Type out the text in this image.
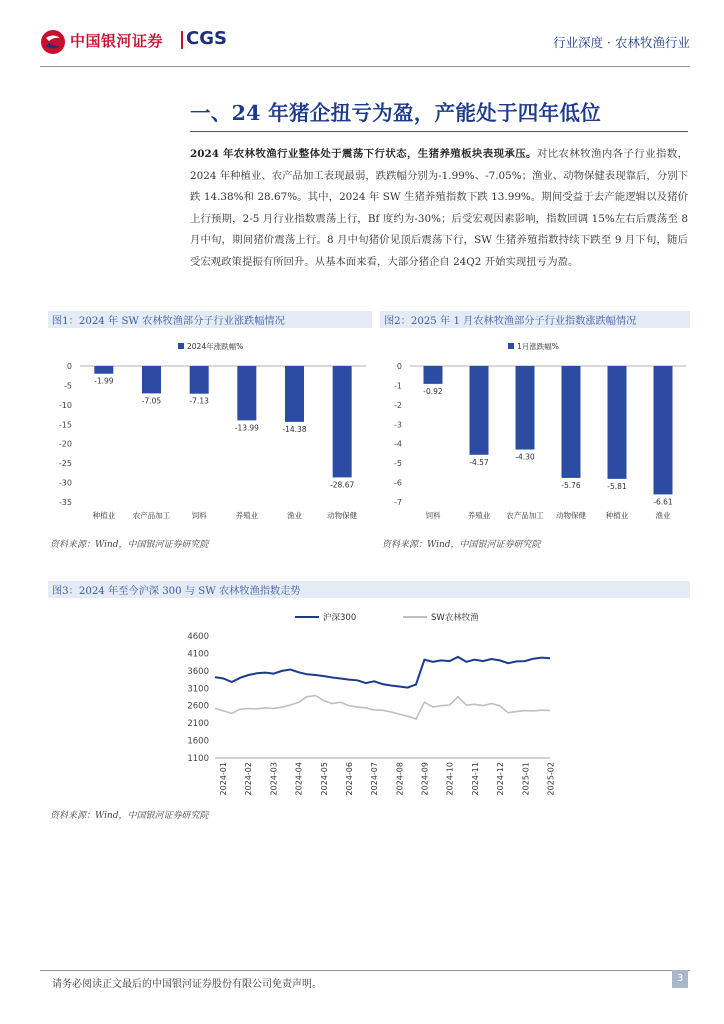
中国银河证券 CGS	行业深度 · 农林牧渔行业
一、24 年猪企扭亏为盈，产能处于四年低位
2024 年农林牧渔行业整体处于震荡下行状态，生猪养殖板块表现承压。对比农林牧渔内各子行业指数，2024 年种植业、农产品加工表现最弱，跌跌幅分别为-1.99%、-7.05%；渔业、动物保健表现靠后，分别下跌 14.38%和 28.67%。其中，2024 年 SW 生猪养殖指数下跌 13.99%。期间受益于去产能逻辑以及猪价上行预期，2-5 月行业指数震荡上行，Bf 度约为-30%；后受宏观因素影响，指数回调 15%左右后震荡至 8 月中旬，期间猪价震荡上行。8 月中旬猪价见顶后震荡下行，SW 生猪养殖指数持续下跌至 9 月下旬，随后受宏观政策提振有所回升。从基本面来看，大部分猪企自 24Q2 开始实现扭亏为盈。
图1：2024 年 SW 农林牧渔部分子行业涨跌幅情况
2024年涨跌幅%
0
-5
-10
-15
-20
-25
-30
-35
-1.99
种植业
-7.05
农产品加工
-7.13
饲料
-13.99
养殖业
-14.38
渔业
-28.67
动物保健
资料来源：Wind，中国银河证券研究院
图2：2025 年 1 月农林牧渔部分子行业指数涨跌幅情况
1月涨跌幅%
0
-1
-2
-3
-4
-5
-6
-7
-0.92
饲料
-4.57
养殖业
-4.30
农产品加工
-5.76
动物保健
-5.81
种植业
-6.61
渔业
资料来源：Wind，中国银河证券研究院
图3：2024 年至今沪深 300 与 SW 农林牧渔指数走势
沪深300	SW农林牧渔
1100
1600
2100
2600
3100
3600
4100
4600
2024-01 2024-02 2024-03 2024-04 2024-05 2024-06 2024-07 2024-08 2024-09 2024-10 2024-11 2024-12 2025-01 2025-02
资料来源：Wind，中国银河证券研究院
请务必阅读正文最后的中国银河证券股份有限公司免责声明。
3
